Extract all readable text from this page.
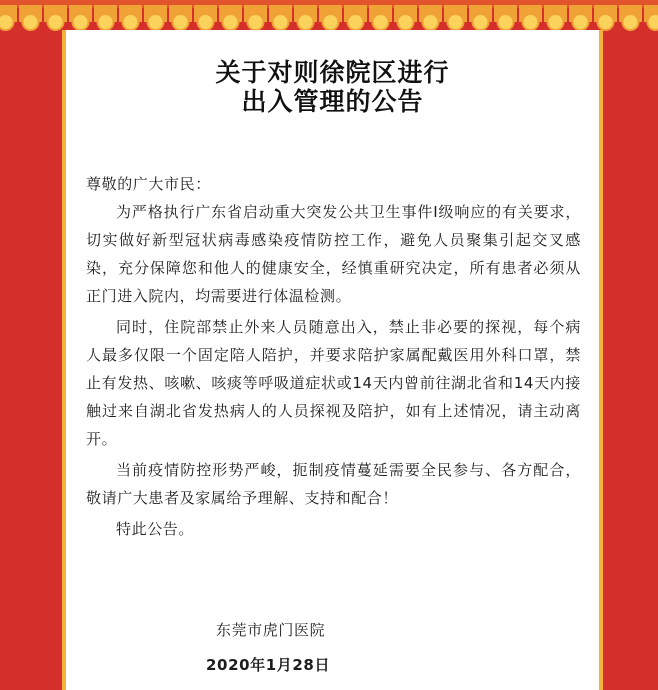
关于对则徐院区进行
出入管理的公告

尊敬的广大市民：

为严格执行广东省启动重大突发公共卫生事件Ⅰ级响应的有关要求，切实做好新型冠状病毒感染疫情防控工作，避免人员聚集引起交叉感染，充分保障您和他人的健康安全，经慎重研究决定，所有患者必须从正门进入院内，均需要进行体温检测。

同时，住院部禁止外来人员随意出入，禁止非必要的探视，每个病人最多仅限一个固定陪人陪护，并要求陪护家属配戴医用外科口罩，禁止有发热、咳嗽、咳痰等呼吸道症状或14天内曾前往湖北省和14天内接触过来自湖北省发热病人的人员探视及陪护，如有上述情况，请主动离开。

当前疫情防控形势严峻，扼制疫情蔓延需要全民参与、各方配合，敬请广大患者及家属给予理解、支持和配合！

特此公告。

东莞市虎门医院
2020年1月28日
